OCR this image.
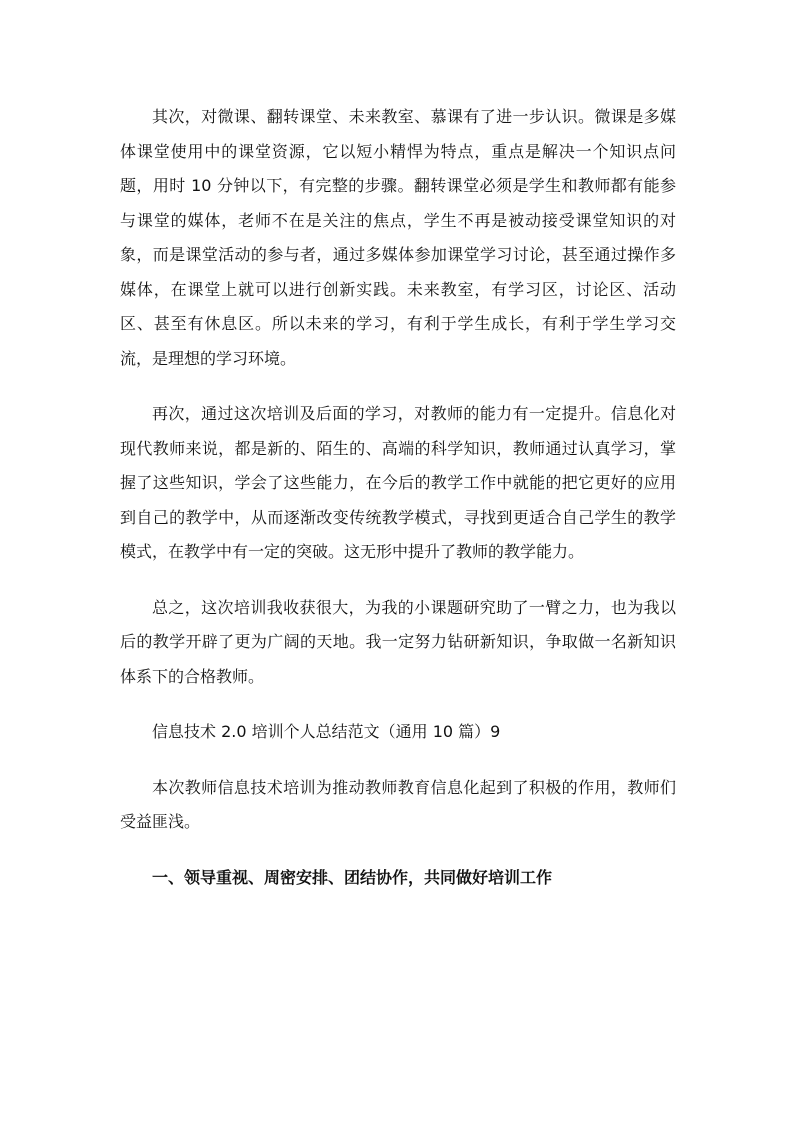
其次，对微课、翻转课堂、未来教室、慕课有了进一步认识。微课是多媒体课堂使用中的课堂资源，它以短小精悍为特点，重点是解决一个知识点问题，用时 10 分钟以下，有完整的步骤。翻转课堂必须是学生和教师都有能参与课堂的媒体，老师不在是关注的焦点，学生不再是被动接受课堂知识的对象，而是课堂活动的参与者，通过多媒体参加课堂学习讨论，甚至通过操作多媒体，在课堂上就可以进行创新实践。未来教室，有学习区，讨论区、活动区、甚至有休息区。所以未来的学习，有利于学生成长，有利于学生学习交流，是理想的学习环境。

再次，通过这次培训及后面的学习，对教师的能力有一定提升。信息化对现代教师来说，都是新的、陌生的、高端的科学知识，教师通过认真学习，掌握了这些知识，学会了这些能力，在今后的教学工作中就能的把它更好的应用到自己的教学中，从而逐渐改变传统教学模式，寻找到更适合自己学生的教学模式，在教学中有一定的突破。这无形中提升了教师的教学能力。

总之，这次培训我收获很大，为我的小课题研究助了一臂之力，也为我以后的教学开辟了更为广阔的天地。我一定努力钻研新知识，争取做一名新知识体系下的合格教师。

信息技术 2.0 培训个人总结范文（通用 10 篇）9

本次教师信息技术培训为推动教师教育信息化起到了积极的作用，教师们受益匪浅。

一、领导重视、周密安排、团结协作，共同做好培训工作
